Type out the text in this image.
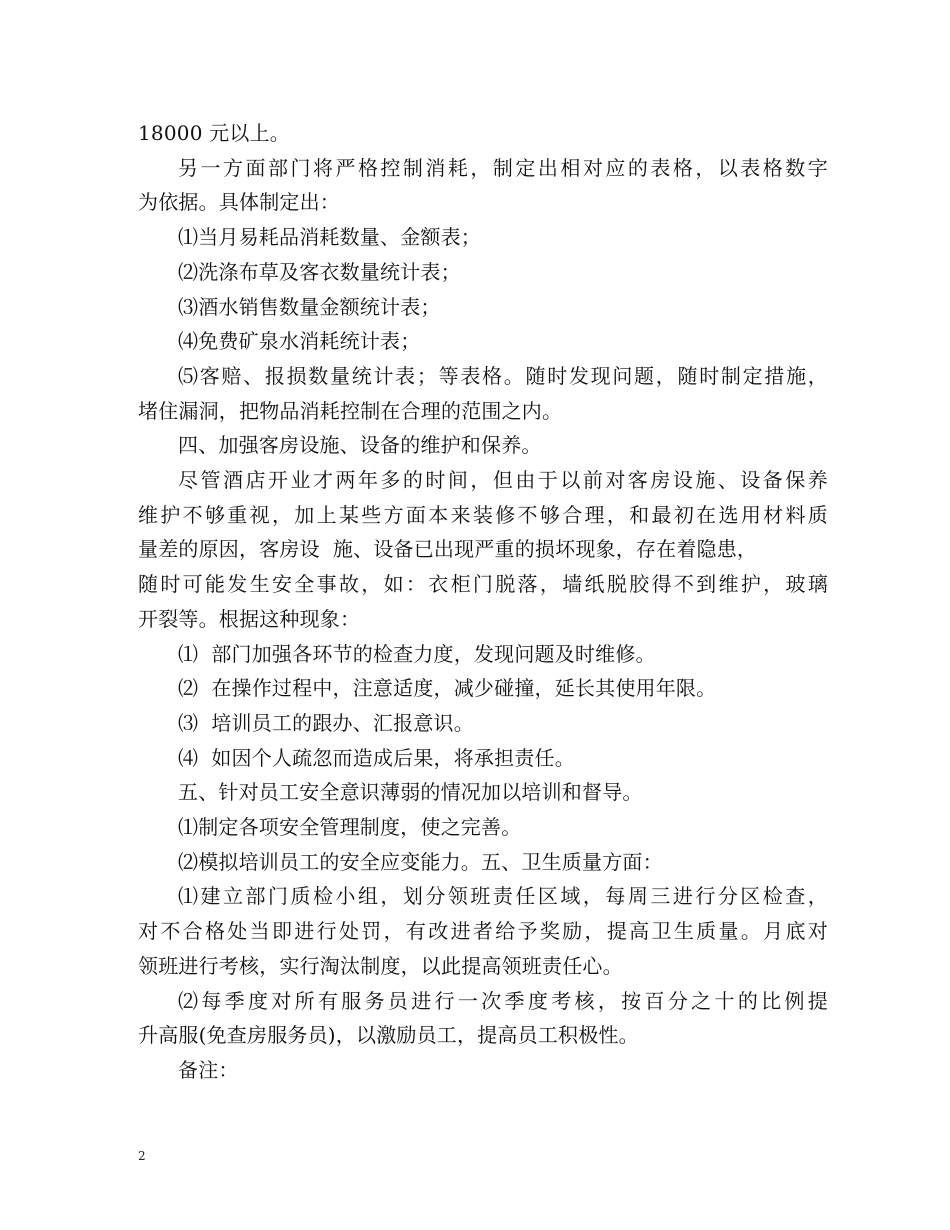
18000 元以上。
另一方面部门将严格控制消耗，制定出相对应的表格，以表格数字
为依据。具体制定出：
⑴当月易耗品消耗数量、金额表；
⑵洗涤布草及客衣数量统计表；
⑶酒水销售数量金额统计表；
⑷免费矿泉水消耗统计表；
⑸客赔、报损数量统计表；等表格。随时发现问题，随时制定措施，
堵住漏洞，把物品消耗控制在合理的范围之内。
四、加强客房设施、设备的维护和保养。
尽管酒店开业才两年多的时间，但由于以前对客房设施、设备保养
维护不够重视，加上某些方面本来装修不够合理，和最初在选用材料质
量差的原因，客房设  施、设备已出现严重的损坏现象，存在着隐患，
随时可能发生安全事故，如：衣柜门脱落，墙纸脱胶得不到维护，玻璃
开裂等。根据这种现象：
⑴  部门加强各环节的检查力度，发现问题及时维修。
⑵  在操作过程中，注意适度，减少碰撞，延长其使用年限。
⑶  培训员工的跟办、汇报意识。
⑷  如因个人疏忽而造成后果，将承担责任。
五、针对员工安全意识薄弱的情况加以培训和督导。
⑴制定各项安全管理制度，使之完善。
⑵模拟培训员工的安全应变能力。五、卫生质量方面：
⑴建立部门质检小组，划分领班责任区域，每周三进行分区检查，
对不合格处当即进行处罚，有改进者给予奖励，提高卫生质量。月底对
领班进行考核，实行淘汰制度，以此提高领班责任心。
⑵每季度对所有服务员进行一次季度考核，按百分之十的比例提
升高服(免查房服务员)，以激励员工，提高员工积极性。
备注：
2
